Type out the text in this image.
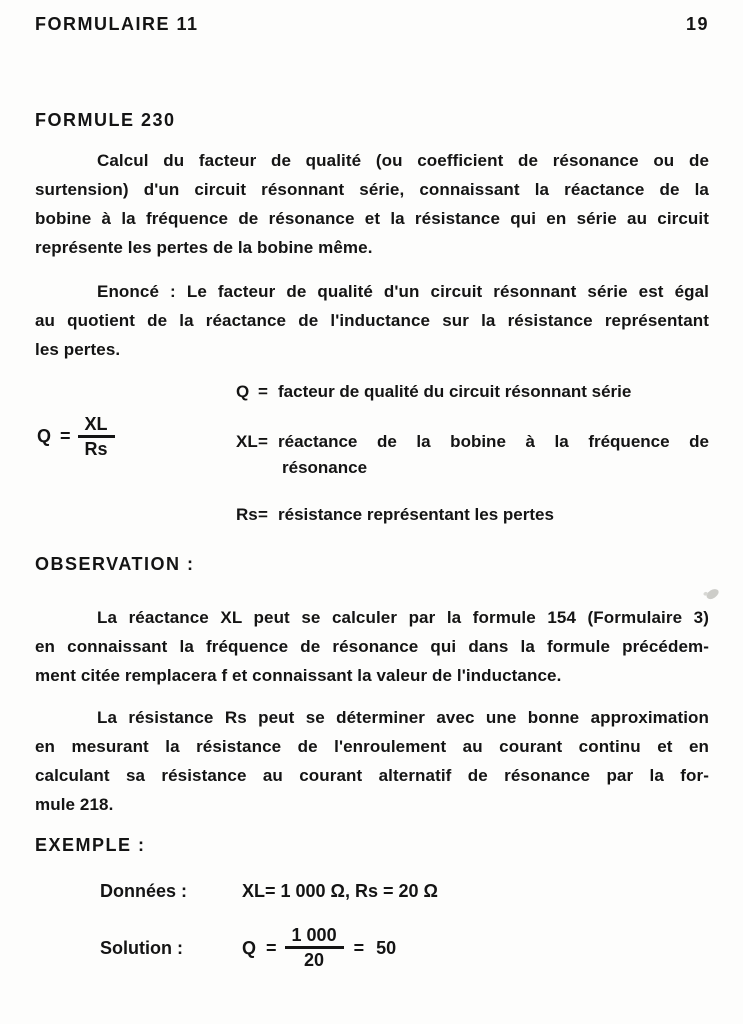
FORMULAIRE 11	19
FORMULE 230
Calcul du facteur de qualité (ou coefficient de résonance ou de
surtension) d'un circuit résonnant série, connaissant la réactance de la
bobine à la fréquence de résonance et la résistance qui en série au circuit
représente les pertes de la bobine même.
Enoncé : Le facteur de qualité d'un circuit résonnant série est égal
au quotient de la réactance de l'inductance sur la résistance représentant
les pertes.
$Q = \frac{XL}{Rs}$
Q = facteur de qualité du circuit résonnant série
XL = réactance de la bobine à la fréquence de
résonance
Rs = résistance représentant les pertes
OBSERVATION :
La réactance XL peut se calculer par la formule 154 (Formulaire 3)
en connaissant la fréquence de résonance qui dans la formule précédem-
ment citée remplacera f et connaissant la valeur de l'inductance.
La résistance Rs peut se déterminer avec une bonne approximation
en mesurant la résistance de l'enroulement au courant continu et en
calculant sa résistance au courant alternatif de résonance par la for-
mule 218.
EXEMPLE :
Données :	XL= 1 000 Ω, Rs = 20 Ω
Solution :	$Q = \frac{1 000}{20} = 50$
